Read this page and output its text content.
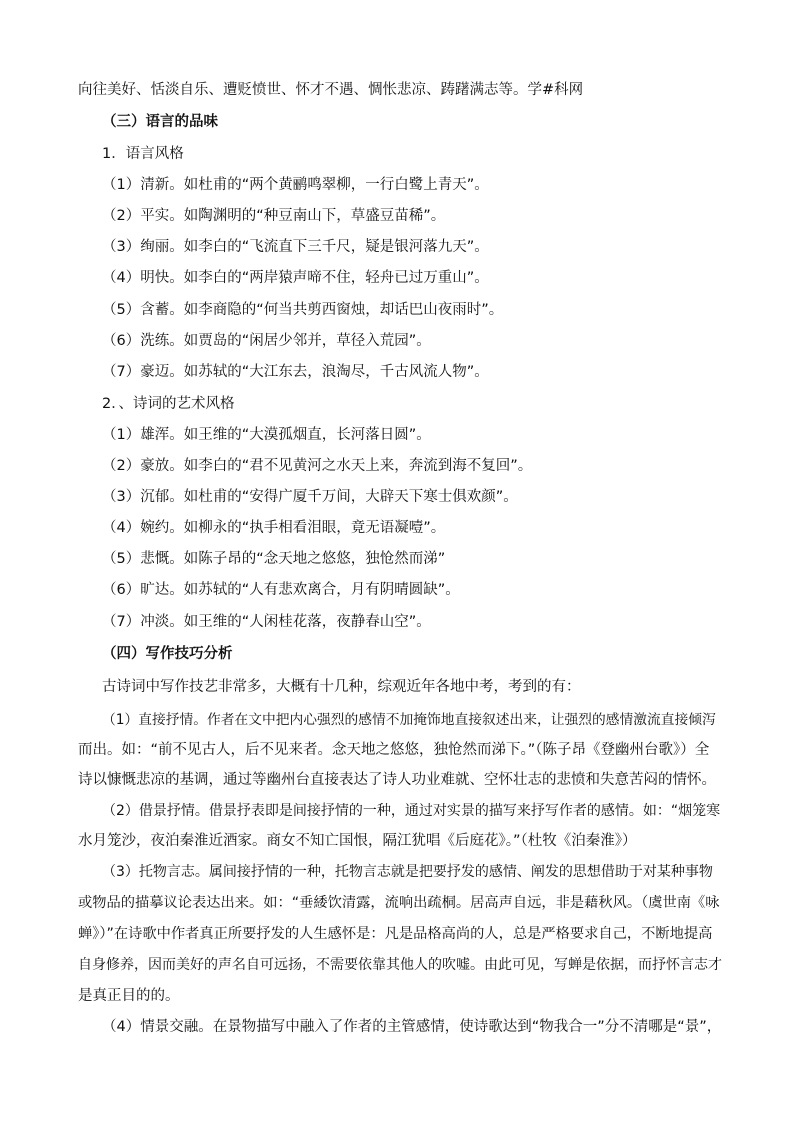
向往美好、恬淡自乐、遭贬愤世、怀才不遇、惆怅悲凉、踌躇满志等。学#科网
（三）语言的品味
1．语言风格
（1）清新。如杜甫的“两个黄鹂鸣翠柳，一行白鹭上青天”。
（2）平实。如陶渊明的“种豆南山下，草盛豆苗稀”。
（3）绚丽。如李白的“飞流直下三千尺，疑是银河落九天”。
（4）明快。如李白的“两岸猿声啼不住，轻舟已过万重山”。
（5）含蓄。如李商隐的“何当共剪西窗烛，却话巴山夜雨时”。
（6）洗练。如贾岛的“闲居少邻并，草径入荒园”。
（7）豪迈。如苏轼的“大江东去，浪淘尽，千古风流人物”。
2．、诗词的艺术风格
（1）雄浑。如王维的“大漠孤烟直，长河落日圆”。
（2）豪放。如李白的“君不见黄河之水天上来，奔流到海不复回”。
（3）沉郁。如杜甫的“安得广厦千万间，大辟天下寒士俱欢颜”。
（4）婉约。如柳永的“执手相看泪眼，竟无语凝噎”。
（5）悲慨。如陈子昂的“念天地之悠悠，独怆然而涕”
（6）旷达。如苏轼的“人有悲欢离合，月有阴晴圆缺”。
（7）冲淡。如王维的“人闲桂花落，夜静春山空”。
（四）写作技巧分析
古诗词中写作技艺非常多，大概有十几种，综观近年各地中考，考到的有：
（1）直接抒情。作者在文中把内心强烈的感情不加掩饰地直接叙述出来，让强烈的感情激流直接倾泻
而出。如：“前不见古人，后不见来者。念天地之悠悠，独怆然而涕下。”（陈子昂《登幽州台歌》）全
诗以慷慨悲凉的基调，通过等幽州台直接表达了诗人功业难就、空怀壮志的悲愤和失意苦闷的情怀。
（2）借景抒情。借景抒表即是间接抒情的一种，通过对实景的描写来抒写作者的感情。如：“烟笼寒
水月笼沙，夜泊秦淮近酒家。商女不知亡国恨，隔江犹唱《后庭花》。”（杜牧《泊秦淮》）
（3）托物言志。属间接抒情的一种，托物言志就是把要抒发的感情、阐发的思想借助于对某种事物
或物品的描摹议论表达出来。如：“垂緌饮清露，流响出疏桐。居高声自远，非是藉秋风。（虞世南《咏
蝉》）”在诗歌中作者真正所要抒发的人生感怀是：凡是品格高尚的人，总是严格要求自己，不断地提高
自身修养，因而美好的声名自可远扬，不需要依靠其他人的吹嘘。由此可见，写蝉是依据，而抒怀言志才
是真正目的的。
（4）情景交融。在景物描写中融入了作者的主管感情，使诗歌达到“物我合一”分不清哪是“景”，
